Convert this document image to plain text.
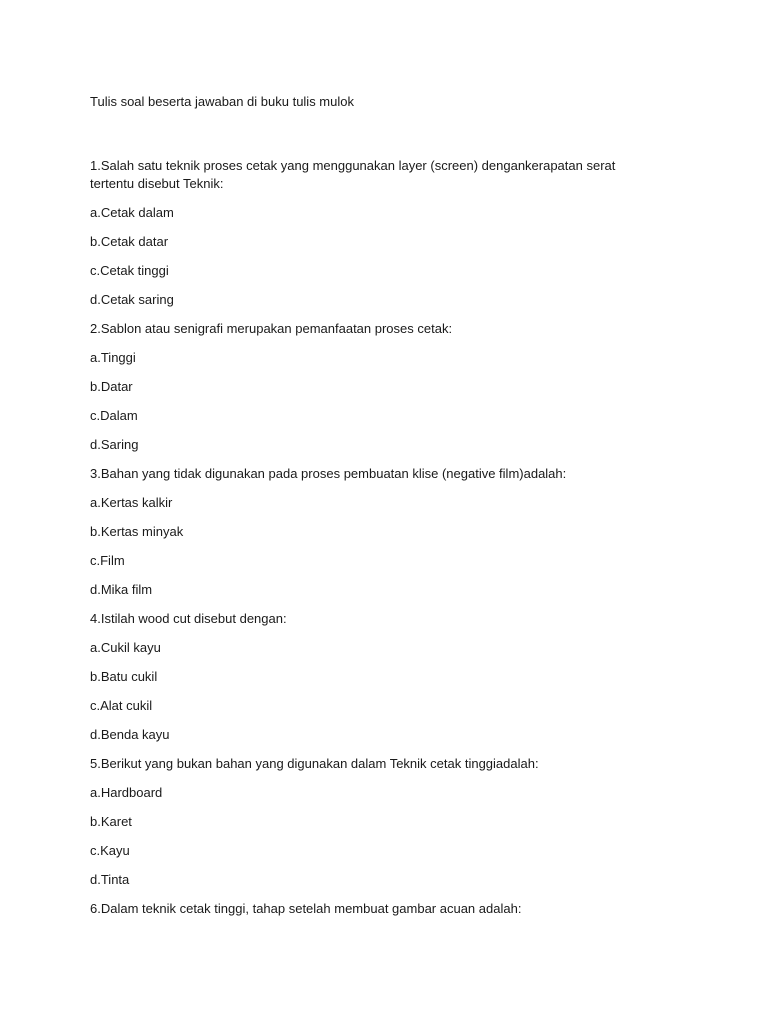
Tulis soal beserta jawaban di buku tulis mulok

1.Salah satu teknik proses cetak yang menggunakan layer (screen) dengankerapatan serat tertentu disebut Teknik:

a.Cetak dalam

b.Cetak datar

c.Cetak tinggi

d.Cetak saring

2.Sablon atau senigrafi merupakan pemanfaatan proses cetak:

a.Tinggi

b.Datar

c.Dalam

d.Saring

3.Bahan yang tidak digunakan pada proses pembuatan klise (negative film)adalah:

a.Kertas kalkir

b.Kertas minyak

c.Film

d.Mika film

4.Istilah wood cut disebut dengan:

a.Cukil kayu

b.Batu cukil

c.Alat cukil

d.Benda kayu

5.Berikut yang bukan bahan yang digunakan dalam Teknik cetak tinggiadalah:

a.Hardboard

b.Karet

c.Kayu

d.Tinta

6.Dalam teknik cetak tinggi, tahap setelah membuat gambar acuan adalah:
